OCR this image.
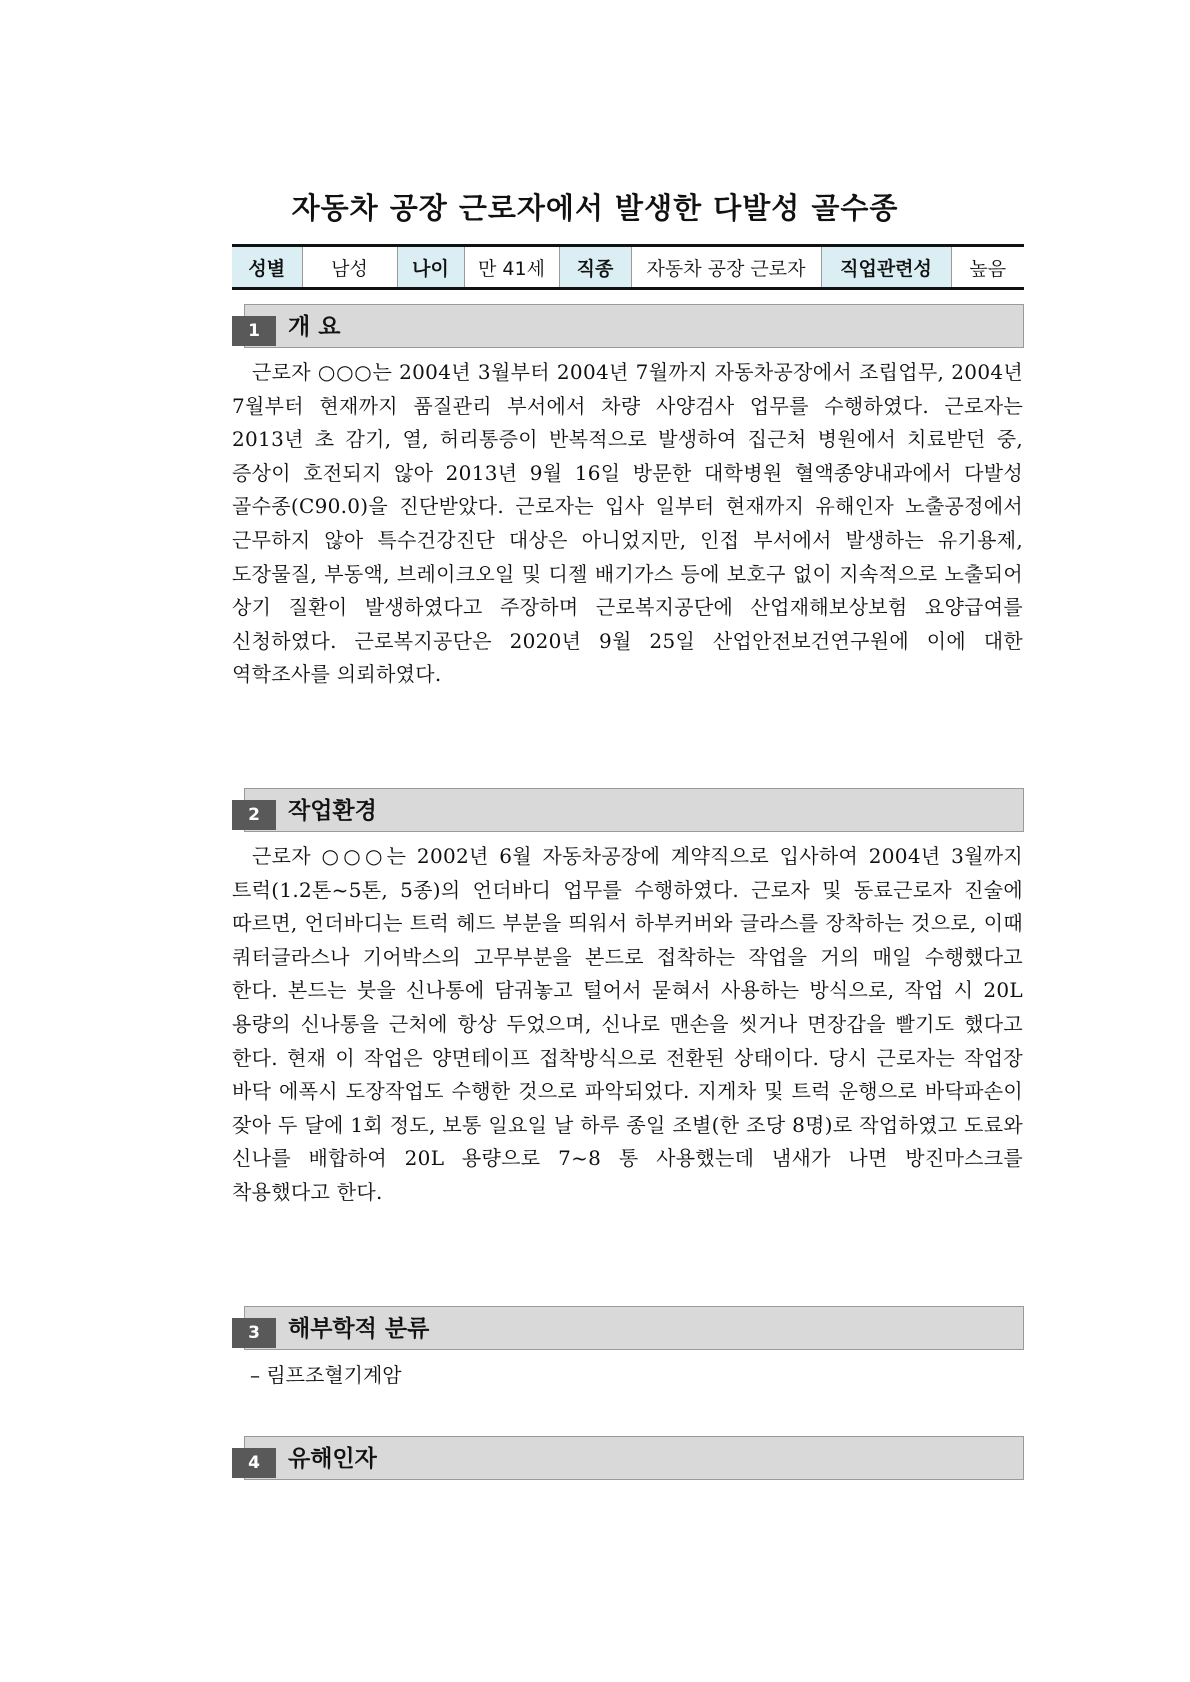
자동차 공장 근로자에서 발생한 다발성 골수종
성별	남성	나이	만 41세	직종	자동차 공장 근로자	직업관련성	높음
1	개 요

근로자 ○○○는 2004년 3월부터 2004년 7월까지 자동차공장에서 조립업무, 2004년 7월부터 현재까지 품질관리 부서에서 차량 사양검사 업무를 수행하였다. 근로자는 2013년 초 감기, 열, 허리통증이 반복적으로 발생하여 집근처 병원에서 치료받던 중, 증상이 호전되지 않아 2013년 9월 16일 방문한 대학병원 혈액종양내과에서 다발성 골수종(C90.0)을 진단받았다. 근로자는 입사 일부터 현재까지 유해인자 노출공정에서 근무하지 않아 특수건강진단 대상은 아니었지만, 인접 부서에서 발생하는 유기용제, 도장물질, 부동액, 브레이크오일 및 디젤 배기가스 등에 보호구 없이 지속적으로 노출되어 상기 질환이 발생하였다고 주장하며 근로복지공단에 산업재해보상보험 요양급여를 신청하였다. 근로복지공단은 2020년 9월 25일 산업안전보건연구원에 이에 대한 역학조사를 의뢰하였다.

2	작업환경

근로자 ○○○는 2002년 6월 자동차공장에 계약직으로 입사하여 2004년 3월까지 트럭(1.2톤~5톤, 5종)의 언더바디 업무를 수행하였다. 근로자 및 동료근로자 진술에 따르면, 언더바디는 트럭 헤드 부분을 띄워서 하부커버와 글라스를 장착하는 것으로, 이때 쿼터글라스나 기어박스의 고무부분을 본드로 접착하는 작업을 거의 매일 수행했다고 한다. 본드는 붓을 신나통에 담궈놓고 털어서 묻혀서 사용하는 방식으로, 작업 시 20L 용량의 신나통을 근처에 항상 두었으며, 신나로 맨손을 씻거나 면장갑을 빨기도 했다고 한다. 현재 이 작업은 양면테이프 접착방식으로 전환된 상태이다. 당시 근로자는 작업장 바닥 에폭시 도장작업도 수행한 것으로 파악되었다. 지게차 및 트럭 운행으로 바닥파손이 잦아 두 달에 1회 정도, 보통 일요일 날 하루 종일 조별(한 조당 8명)로 작업하였고 도료와 신나를 배합하여 20L 용량으로 7~8 통 사용했는데 냄새가 나면 방진마스크를 착용했다고 한다.

3	해부학적 분류
– 림프조혈기계암
4	유해인자
